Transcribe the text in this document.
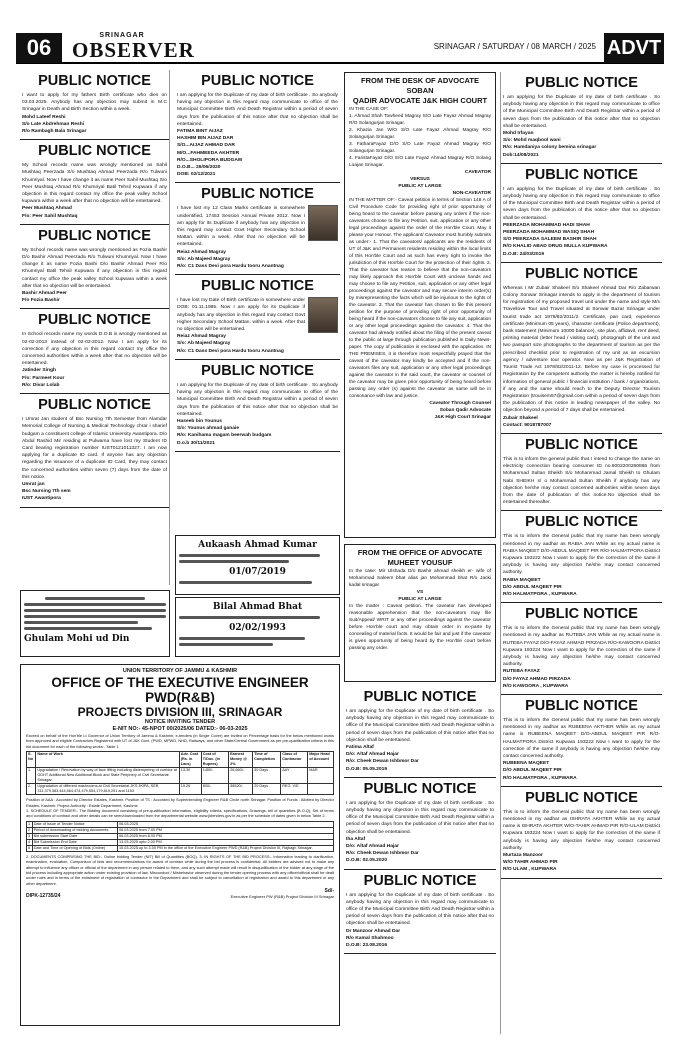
06	SRINAGAR
OBSERVER	SRINAGAR / SATURDAY / 08 MARCH / 2025 ADVT
PUBLIC NOTICE

I want to apply for my fathers Birth certificate who dies on 03.03.2025. Anybody has any objection may submit in M.C Srinagar in Death and Birth Section within a week.

Mohd Lateef Reshi
S/o Late Abdrehman Reshi
R/o Rambagh Bala Srinagar
PUBLIC NOTICE

My School records name was wrongly mentioned as Sahil Mushtaq Peerzada S/o Mushtaq Ahmad Peerzada R/o Tulwuni Khumriyal. Now I have change it as name Peer Sahil Mushtaq S/o Peer Mushtaq Ahmad R/o Khumriyal Batil Tehsil Kupwara if any objection in this regard contact my office the peak valley School kupwara within a week after that no objection will be entertained.

Peer Mushtaq Ahmad
F/o: Peer Sahil Mushtaq
PUBLIC NOTICE

My School records name was wrongly mentioned as Fozia Bashir D/o Bashir Ahmad Peerzada R/o Tulwuni Khumriyal. Now I have change it as name Fozia Bashi D/o Bashir Ahmad Peer R/o Khumriyal Batil Tehsil Kupwara if any objection in this regard contact my office the peak valley School kupwara within a week after that no objection will be entertained.

Bashir Ahmad Peer
F/o Fozia Bashir
PUBLIC NOTICE

In School records name my words D.O.B is wrongly mentioned as 02-02-2013 instead of 02-02-2012. Now I am apply for its correction if any objection in this regard contact my office the concerned authorities within a week after that no objection will be entertained.

Jatinder Singh
F/o: Parmeet Kour
R/o: Divar Lolab
PUBLIC NOTICE

I Umrat Jan student of Bsc Nursing 7th Semester from Alamdar Memorial College of Nursing & Medical Technology chrar i sharief budgam a constituent college of Islamic University Awantipora. D/o Abdul Rashid Mir residing at Pulwama have lost my Student ID Card bearing registration number IUST0121011327. I am now applying for a duplicate ID card. If anyone has any objection regarding the issuance of a duplicate ID Card, they may contact the concerned authorities within seven (7) days from the date of this notice.

Umrat jan
Bsc Nursing 7th sem
IUST Awantipora
PUBLIC NOTICE

I am applying for the Duplicate of my date of birth certificate . So anybody having any objection in this regard may communicate to office of the Municipal Committee Birth And Death Registrar within a period of seven days from the publication of this notice after that no objection shall be entertained.

FATIMA BINT AIJAZ
HASHIM BIN AIJAZ DAR
S/O...AIJAZ AHMAD DAR
M/O...FAHMEEDA AKHTER
R/O...SHOLIPORA BUDGAM
D.O.B... 26/06/2020
DOB: 02/12/2021
PUBLIC NOTICE

I have lost my 12 Class Marks certificate in somewhere unidentified. 17453 Session Annual Private 2012. Now I am apply for its Duplicate if anybody has any objection in this regard may contact Govt Higher Secondary School Mattan. within a week. After that no objection will be entertained.

Reiaz Ahmad Magray
S/o: Ab Majeed Magray
R/o: C1 Dass Devi pora Hardu tooru Anantnag
PUBLIC NOTICE

I have lost my Date of Birth certificate in somewhere under DOB: 01.11.1985. Now I am apply for its Duplicate if anybody has any objection in this regard may contact Govt Higher Secondary School Mattan. within a week. After that no objection will be entertained.

Reiaz Ahmad Magray
S/o: Ab Majeed Magray
R/o: C1 Dass Devi pora Hardu tooru Anantnag
PUBLIC NOTICE

I am applying for the Duplicate of my date of birth certificate . So anybody having any objection in this regard may communicate to office of the Municipal Committee Birth And Death Registrar within a period of seven days from the publication of this notice after that no objection shall be entertained.

Haseeb bin Younus
S/o: Younus ahmad ganaie
R/o: Kanihama magam beerwah budgam
D.o.b 30/11/2021
Aukaash Ahmad Kumar
01/07/2019
Bilal Ahmad Bhat
02/02/1993
Ghulam Mohi ud Din
UNION TERRITORY OF JAMMU & KASHMIR
OFFICE OF THE EXECUTIVE ENGINEER PWD(R&B)
PROJECTS DIVISION III, SRINAGAR
NOTICE INVITING TENDER
E-NIT NO:- 45-NPOT 00/2025/06 DATED:- 06-03-2025

Exceed on behalf of the Hon'ble Lt Governor of Union Territory of Jammu & Kashmir, e-tenders (in Single Cover) are invited on Percentage basis for the below mentioned works from approved and eligible Contractors Registered with UT of J&K Govt. (PWD, MPWD, NHD, Railways, and other State/Central Government as per pre-qualification criteria in this bid document for each of the following works:- Table 1

S. No	Name of Work	Adv. Cost (Rs. in Lacs)	Cost of T/Doc. (in Rupees)	Earnest Money @ 2%	Time of Completion	Class of Contractor	Major Head of Account
1.	Upgradation / Renovation by way of face lifting including distempering of corridor at GDHT Additional New Additional Block and State Periphery of Civil Secretariat Srinagar.	13.30	1450/-	26,660/-	30 Days	AAY	MAR
2.	Upgradation of different washrooms at Civil Secretariat JKS JKIPA, SEB 311,379,383,444,564,474,479,554,179,819,251 and 1153	19.26	800/-	38520/-	20 Days	REG. V/E	

Position of AAA : Accorded by Director Estates, Kashmir. Position of TS : Accorded by Superintending Engineer R&B Circle north Srinagar. Position of Funds : Allotted by Director Estates, Kashmir. Project Authority : Estate Department, Kashmir.

1. SCHEDULE OF TENDER:- The Bidding document consisting of pre-qualification information, eligibility criteria, specifications, Drawings, bill of quantities (B.O.Q), Set of terms and conditions of contract and other details can be seen/downloaded from the departmental website www.jktenders.gov.in as per the schedule of dates given in below Table 2.

1	Date of Issue of Tender Notice	06.03.2025
2	Period of downloading of bidding documents	06.03.2025 from 7.00 PM
3	Bid submission Start Date	06.03.2025 from 8.00 PM
4	Bid Submission End Date	13.03.2025 upto 2.00 PM
5	Date and Time of Opening of Bids (Online)	15.03.2025 up to 3.00 PM in the office of the Executive Engineer PWD (R&B) Project Division III, Rajbagh Srinagar.

2. DOCUMENTS COMPRISING THE BID:- Online bidding Tender (NIT) Bill of Quantities (BOQ). 3. IN RIGHTS OF THE BID PROCESS:- Information leading to clarification, examination, evaluation, Comparison of bids and recommendations for award of contract while during the bid process is confidential. All bidders are advised not to make any attempt to influence any officer or official of the department in any person related to them, and any such attempt made will result in disqualification of the bidder at any stage of the bid process including appropriate action under existing provision of law. Misconduct / Misbehavior observed during the tender opening process with any officer/official shall be dealt under rules and in terms of the enlistment of registration of contractor in the Department and shall be subject to cancellation of registration and award to this department or any other department.

DIPK-12735/24
Sd/-
Executive Engineer PW (R&B) Project Division III Srinagar
FROM THE DESK OF ADVOCATE SOBAN
QADIR ADVOCATE J&K HIGH COURT

IN THE CASE OF:

1. Ahmad Shah Towheed Magray S/O Late Fayaz Ahmad Magray R/O Solangurjan Srinagar.

2. Khazia Jan W/O S/O Late Fayaz Ahmad Magray R/O Solangurjan Srinagar.

3. FatharaFayaz D/O S/O Late Fayaz Ahmad Magray R/O Solangurjan Srinagar.

4. FaristaFayaz D/O S/O Late Fayaz Ahmad Magray R/O Solang Loajan Srinagar.

CAVEATOR

VERSUS

PUBLIC AT LARGE

NON-CAVEATOR

IN THE MATTER OF:- Caveat petition in terms of Section 148 A of Civil Procedure Code for providing right of prior opportunity of being heard to the caveator before passing any orders if the non-caveators choose to file any Petition, suit, application or any other legal proceedings against the order of the Hon'ble Court. May it please your Honour. The applicant/ Caveator most humbly submits as under:- 1. That the caveators/ applicants are the residents of UT of J&K and Permanent residents residing within the local limits of this Hon'ble Court and as such has every right to invoke the jurisdiction of this Hon'ble Court for the protection of their rights. 2. That the caveator has reason to believe that the non-caveators may likely approach this Hon'ble Court with unclean hands and may choose to file any Petition, suit, application or any other legal proceedings against the caveator and may secure interim order(s) by misrepresenting the facts which will be injurious to the rights of the caveator. 3. That the caveator has chosen to file this present petition for the purpose of providing right of prior opportunity of being heard if the non-caveators choose to file any suit, application or any other legal proceedings against the caveator. 4. That the caveator had already notified about the filing of the present caveat to the public at large through publication published in Daily News-paper. The copy of publication is enclosed with the application. IN THE PREMISES, it is therefore most respectfully prayed that the caveat of the caveator may kindly be accepted and if the non-caveators files any suit, application or any other legal proceedings against the caveator in the said court, the caveator or counsel of the caveator may be given prior opportunity of being heard before passing any order (s) against the caveator as same will be in consonance with law and justice.

Caveator Through Counsel

Soban Qadir Advocate

J&K High Court Srinagar

FROM THE OFFICE OF ADVOCATE
MUHEET YOUSUF

In the case: Mir Ulshada D/o Bashir ahmad sheikh er- wife of Mohammad Saleem bhat alias jan Mohammad bhat R/o Jacki kadal srinagar

VS

PUBLIC AT LARGE

In the matter : Caveat petition. The caveator has developed reasonable apprehension that the non-caveators may file Suit/Appeal/ WRIT or any other proceedings against the caveator before Hon'ble court and may obtain order in ex-parte by concealing of material facts. It would be fair and just if the caveator is given opportunity of being heard by the Hon'ble court before passing any order.

PUBLIC NOTICE

I am applying for the Duplicate of my date of birth certificate . So anybody having any objection in this regard may communicate to office of the Municipal Committee Birth And Death Registrar within a period of seven days from the publication of this notice after that no objection shall be entertained.

Fatima Altaf
D/o: Altaf Ahmad Hajar
R/o: Cheek Dewan Ishbmor Dar
D.O.B: 05.05.2019
PUBLIC NOTICE

I am applying for the Duplicate of my date of birth certificate . So anybody having any objection in this regard may communicate to office of the Municipal Committee Birth And Death Registrar within a period of seven days from the publication of this notice after that no objection shall be entertained.

Iha Altaf
D/o: Altaf Ahmad Hajar
R/o: Cheek Dewan Ishbmor Dar
D.O.B: 02.05.2020
PUBLIC NOTICE

I am applying for the Duplicate of my date of birth certificate . So anybody having any objection in this regard may communicate to office of the Municipal Committee Birth And Death Registrar within a period of seven days from the publication of this notice after that no objection shall be entertained.

Dr Manzoor Ahmad Dar
R/o Kamal Shahmoo
D.O.B: 23.08.2016
PUBLIC NOTICE

I am applying for the Duplicate of my date of birth certificate . So anybody having any objection in this regard may communicate to office of the Municipal Committee Birth And Death Registrar within a period of seven days from the publication of this notice after that no objection shall be entertained.

Mohd Irfayan
S/o: Mohd maqbool wani
R/o: Hamdaniya colony bemina srinagar
Dob:14/08/2021
PUBLIC NOTICE

I am applying for the Duplicate of my date of birth certificate . So anybody having any objection in this regard may communicate to office of the Municipal Committee Birth and Death Registrar within a period of seven days from the publication of this notice after that no objection shall be entertained.

PEERZADA MOHAMMAD HADI SHAH
PEERZADA MOHAMMAD WASIQ SHAH
S/O PEERZADA SALEEM BASHIR SHAH
R/O KHALID ABAD DRUG MULLA KUPWARA
D.O.B: 24/03/2019
PUBLIC NOTICE

Whereas I Mr Zubair Shakeel S/o Shakeel Ahmad Dar R/o Zabarwan Colony Sonwar Srinagar intends to apply in the department of tourism for registration of my proposed travel unit under the name and style M/s Travellove Tour and Travel situated at Sonwar Bazar Srinagar under tourist trade act 1978/82/2011/2. Certificate, pan card, experience certificate (Minimum 05 years), character certificate (Police department), bank statement (Minimum 10000 balance), site plan, affidavit, rent deed, printing material (letter head / visiting card), photograph of the unit and two passport size photographs to the department of tourism as per the prescribed checklist prior to registration of my unit as an excursion agency / adventure tour operator. Now as per J&K Registration of Tourist Trade Act 1978/82/2011-12. Before my case is processed for Registration by the competent authority the matter is hereby notified for information of general public / financial institution / bank / organizations, if any and the same should reach to the Deputy Director Tourism Registration (trouisem57@gmail.com within a period of seven days from the publication of this notice in leading newspaper of the valley. No objection beyond a period of 7 days shall be entertained.

Zubair Shakeel
Contact: 9018787007
PUBLIC NOTICE

This is to inform the general public that I intend to change the name on electricity connection bearing consumer ID no.6002200260866 from Mohammad Sultan Sheikh S/o Mohammad Jamal Sheikh to Ghulam Nabi SHEIKH s/ o Mohammad Sultan Sheikh if anybody has any objection he/she may contact concerned authorities within seven days from the date of publication of this notice.No objection shall be entertained thereafter.

PUBLIC NOTICE

This is to inform the General public that my name has been wrongly mentioned in my aadhar as RABIA JAN While as my actual name is RABIA MAQEET D/O-ABDUL MAQEET PIR R/O-HALMATPORA District Kupwara 193222 Now I want to apply for the correction of the same if anybody is having any objection he/she may contact concerned authority.

RABIA MAQEET
D/O ABDUL MAQEET PIR
R/O HALMATPORA , KUPWARA
PUBLIC NOTICE

This is to inform the General public that my name has been wrongly mentioned in my aadhar as RUTEBA JAN While as my actual name is RUTEBA FAYAZ D/O-FAYAZ AHMAD PIRZADA R/O-KAWOORA District Kupwara 193224 Now I want to apply for the correction of the same if anybody is having any objection he/she may contact concerned authority.

RUTEBA FAYAZ
D/O FAYAZ AHMAD PIRZADA
R/O KAWOORA , KUPWARA
PUBLIC NOTICE

This is to inform the General public that my name has been wrongly mentioned in my aadhar as RUBEENA AKTHER While as my actual name is RUBEENA MAQEET D/O-ABDUL MAQEET PIR R/O-HALMATPORA District Kupwara 193222 Now I want to apply for the correction of the same if anybody is having any objection he/she may contact concerned authority.

RUBEENA MAQEET
D/O ABDUL MAQEET PIR
R/O HALMATPORA , KUPWARA
PUBLIC NOTICE

This is to inform the General public that my name has been wrongly mentioned in my aadhar as ISHRATA AKHTER While as my actual name is ISHRATA AKHTER W/O-TAHIR AHMAD PIR R/O-ULAM District Kupwara 193224 Now I want to apply for the correction of the same if anybody is having any objection he/she may contact concerned authority.

Murtaza Manzoor
W/O TAHIR AHMAD PIR
R/O ULAM , KUPWARA
